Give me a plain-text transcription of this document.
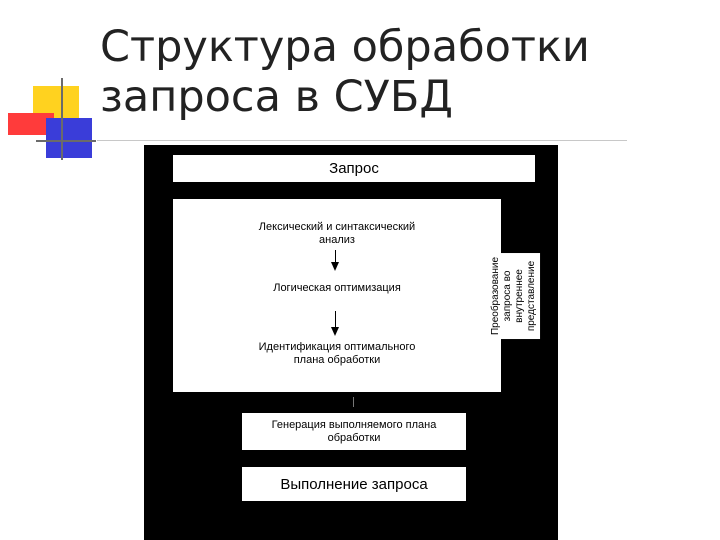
Структура обработки
запроса в СУБД
Запрос
Лексический и синтаксический
анализ
Логическая оптимизация
Идентификация оптимального
плана обработки
Преобразование запроса во
внутреннее представление
Генерация выполняемого плана
обработки
Выполнение запроса
